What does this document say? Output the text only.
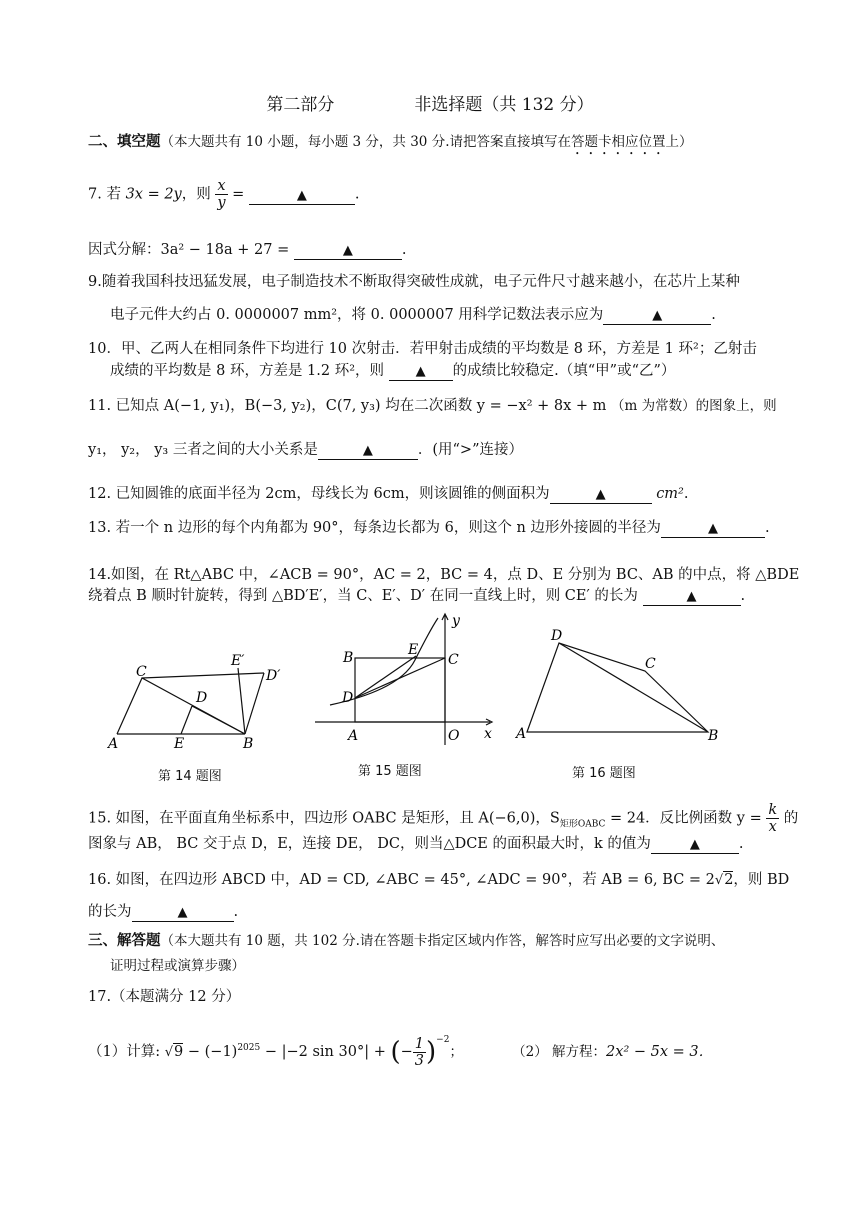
第二部分	非选择题（共 132 分）
二、填空题（本大题共有 10 小题，每小题 3 分，共 30 分.请把答案直接填写在答题卡相应位置上）
7. 若 3x = 2y，则 $\frac{x}{y}$ =	▲	.
因式分解：3a² − 18a + 27 =	▲	.
9.随着我国科技迅猛发展，电子制造技术不断取得突破性成就，电子元件尺寸越来越小，在芯片上某种
电子元件大约占 0. 0000007 mm²，将 0. 0000007 用科学记数法表示应为	▲	.
10．甲、乙两人在相同条件下均进行 10 次射击．若甲射击成绩的平均数是 8 环，方差是 1 环²；乙射击
成绩的平均数是 8 环，方差是 1.2 环²，则 ▲ 的成绩比较稳定.（填“甲”或“乙”）
11. 已知点 A(−1, y₁)，B(−3, y₂)，C(7, y₃) 均在二次函数 y = −x² + 8x + m （m 为常数）的图象上，则
y₁， y₂， y₃ 三者之间的大小关系是	▲	．(用“>”连接）
12. 已知圆锥的底面半径为 2cm，母线长为 6cm，则该圆锥的侧面积为	▲	cm².
13. 若一个 n 边形的每个内角都为 90°，每条边长都为 6，则这个 n 边形外接圆的半径为	▲	.
14.如图，在 Rt△ABC 中，∠ACB = 90°，AC = 2，BC = 4，点 D、E 分别为 BC、AB 的中点，将 △BDE
绕着点 B 顺时针旋转，得到 △BD′E′，当 C、E′、D′ 在同一直线上时，则 CE′ 的长为	▲	.
A	B
C
D
E
E′
D′
第 14 题图
y
x
O
A
B	C
D
E
第 15 题图
A	B
C
D
第 16 题图
15. 如图，在平面直角坐标系中，四边形 OABC 是矩形，且 A(−6,0)，$S_{矩形OABC} = 24$．反比例函数 $y = \frac{k}{x}$ 的
图象与 AB， BC 交于点 D，E，连接 DE， DC，则当△DCE 的面积最大时，k 的值为	▲	.
16. 如图，在四边形 ABCD 中，AD = CD, ∠ABC = 45°, ∠ADC = 90°，若 AB = 6, BC = 2√2，则 BD
的长为	▲	.
三、解答题（本大题共有 10 题，共 102 分.请在答题卡指定区域内作答，解答时应写出必要的文字说明、
证明过程或演算步骤）
17.（本题满分 12 分）
（1）计算: $√9 - (-1)^{2025} - |-2$ sin 30°| + (− $\frac{1}{3} )^{-2}$；	（2） 解方程：2x² − 5x = 3．
